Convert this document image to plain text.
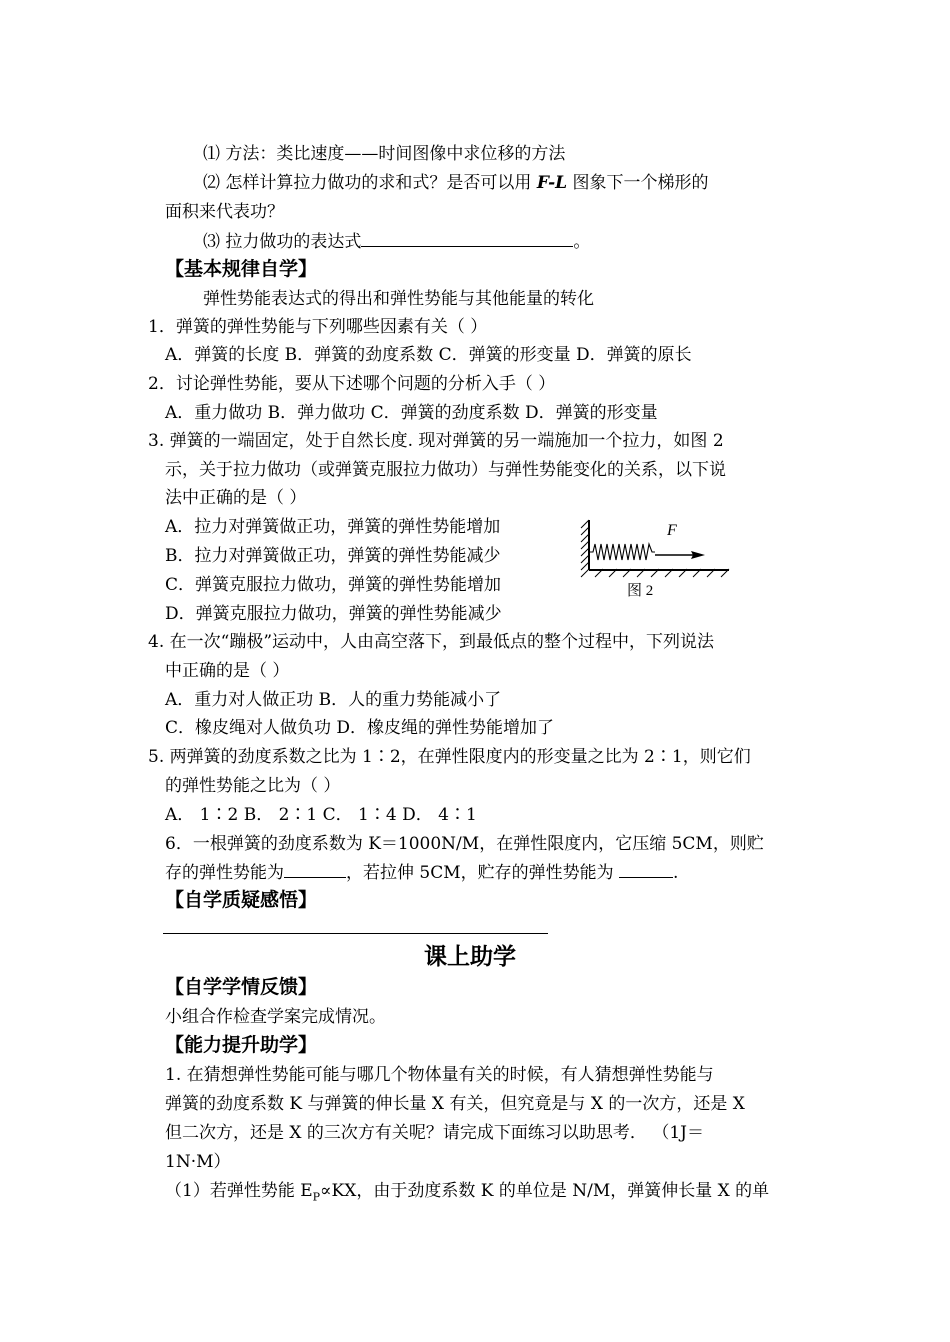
⑴ 方法：类比速度——时间图像中求位移的方法
⑵ 怎样计算拉力做功的求和式？是否可以用 F-L 图象下一个梯形的
面积来代表功？
⑶ 拉力做功的表达式	。
【基本规律自学】
弹性势能表达式的得出和弹性势能与其他能量的转化
1．弹簧的弹性势能与下列哪些因素有关（ ）
A．弹簧的长度 B．弹簧的劲度系数 C．弹簧的形变量 D．弹簧的原长
2．讨论弹性势能，要从下述哪个问题的分析入手（ ）
A．重力做功 B．弹力做功 C．弹簧的劲度系数 D．弹簧的形变量
3. 弹簧的一端固定，处于自然长度. 现对弹簧的另一端施加一个拉力，如图 2
示，关于拉力做功（或弹簧克服拉力做功）与弹性势能变化的关系，以下说
法中正确的是（ ）
A．拉力对弹簧做正功，弹簧的弹性势能增加
B．拉力对弹簧做正功，弹簧的弹性势能减少
C．弹簧克服拉力做功，弹簧的弹性势能增加
D．弹簧克服拉力做功，弹簧的弹性势能减少
F
图 2
4. 在一次“蹦极”运动中，人由高空落下，到最低点的整个过程中，下列说法
中正确的是（ ）
A．重力对人做正功 B．人的重力势能减小了
C．橡皮绳对人做负功 D．橡皮绳的弹性势能增加了
5. 两弹簧的劲度系数之比为 1∶2，在弹性限度内的形变量之比为 2∶1，则它们
的弹性势能之比为（ ）
A． 1∶2 B． 2∶1 C． 1∶4 D． 4∶1
6．一根弹簧的劲度系数为 K＝1000N/M，在弹性限度内，它压缩 5CM，则贮
存的弹性势能为	，若拉伸 5CM，贮存的弹性势能为	.
【自学质疑感悟】
课上助学
【自学学情反馈】
小组合作检查学案完成情况。
【能力提升助学】
1. 在猜想弹性势能可能与哪几个物体量有关的时候，有人猜想弹性势能与
弹簧的劲度系数 K 与弹簧的伸长量 X 有关，但究竟是与 X 的一次方，还是 X
但二次方，还是 X 的三次方有关呢？请完成下面练习以助思考． （1J＝
1N·M）
（1）若弹性势能 $E_P\propto KX$，由于劲度系数 K 的单位是 N/M，弹簧伸长量 X 的单
